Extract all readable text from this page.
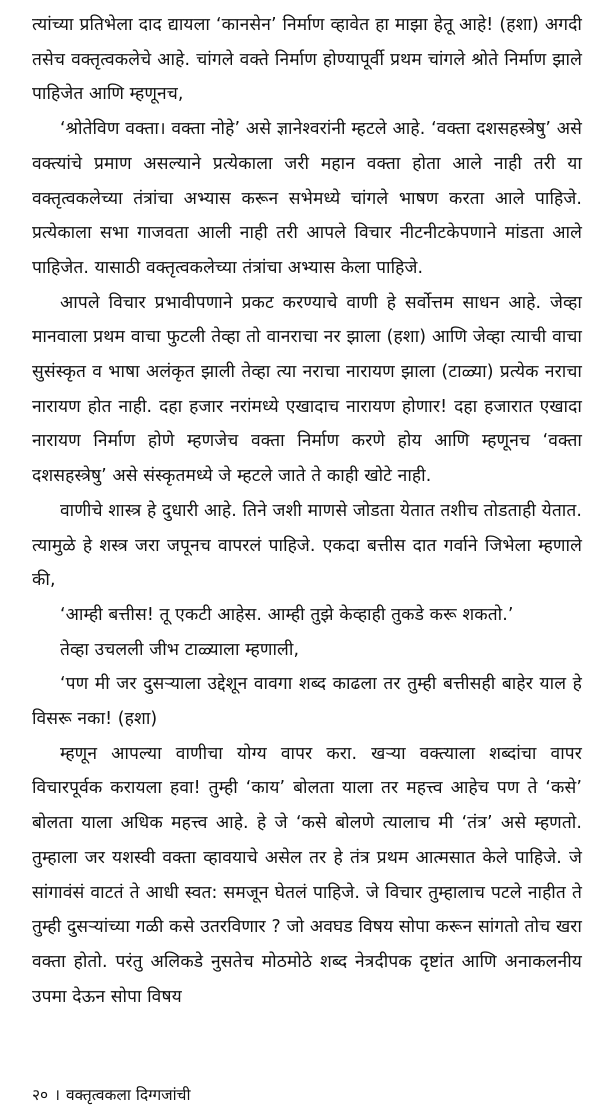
त्यांच्या प्रतिभेला दाद द्यायला ‘कानसेन’ निर्माण व्हावेत हा माझा हेतू आहे! (हशा) अगदी तसेच वक्तृत्वकलेचे आहे. चांगले वक्ते निर्माण होण्यापूर्वी प्रथम चांगले श्रोते निर्माण झाले पाहिजेत आणि म्हणूनच,

‘श्रोतेविण वक्ता। वक्ता नोहे’ असे ज्ञानेश्वरांनी म्हटले आहे. ‘वक्ता दशसहस्त्रेषु’ असे वक्त्यांचे प्रमाण असल्याने प्रत्येकाला जरी महान वक्ता होता आले नाही तरी या वक्तृत्वकलेच्या तंत्रांचा अभ्यास करून सभेमध्ये चांगले भाषण करता आले पाहिजे. प्रत्येकाला सभा गाजवता आली नाही तरी आपले विचार नीटनीटकेपणाने मांडता आले पाहिजेत. यासाठी वक्तृत्वकलेच्या तंत्रांचा अभ्यास केला पाहिजे.

आपले विचार प्रभावीपणाने प्रकट करण्याचे वाणी हे सर्वोत्तम साधन आहे. जेव्हा मानवाला प्रथम वाचा फुटली तेव्हा तो वानराचा नर झाला (हशा) आणि जेव्हा त्याची वाचा सुसंस्कृत व भाषा अलंकृत झाली तेव्हा त्या नराचा नारायण झाला (टाळ्या) प्रत्येक नराचा नारायण होत नाही. दहा हजार नरांमध्ये एखादाच नारायण होणार! दहा हजारात एखादा नारायण निर्माण होणे म्हणजेच वक्ता निर्माण करणे होय आणि म्हणूनच ‘वक्ता दशसहस्त्रेषु’ असे संस्कृतमध्ये जे म्हटले जाते ते काही खोटे नाही.

वाणीचे शास्त्र हे दुधारी आहे. तिने जशी माणसे जोडता येतात तशीच तोडताही येतात. त्यामुळे हे शस्त्र जरा जपूनच वापरलं पाहिजे. एकदा बत्तीस दात गर्वाने जिभेला म्हणाले की,

‘आम्ही बत्तीस! तू एकटी आहेस. आम्ही तुझे केव्हाही तुकडे करू शकतो.’

तेव्हा उचलली जीभ टाळ्याला म्हणाली,

‘पण मी जर दुसऱ्याला उद्देशून वावगा शब्द काढला तर तुम्ही बत्तीसही बाहेर याल हे विसरू नका! (हशा)

म्हणून आपल्या वाणीचा योग्य वापर करा. खऱ्या वक्त्याला शब्दांचा वापर विचारपूर्वक करायला हवा! तुम्ही ‘काय’ बोलता याला तर महत्त्व आहेच पण ते ‘कसे’ बोलता याला अधिक महत्त्व आहे. हे जे ‘कसे बोलणे त्यालाच मी ‘तंत्र’ असे म्हणतो. तुम्हाला जर यशस्वी वक्ता व्हावयाचे असेल तर हे तंत्र प्रथम आत्मसात केले पाहिजे. जे सांगावंसं वाटतं ते आधी स्वत: समजून घेतलं पाहिजे. जे विचार तुम्हालाच पटले नाहीत ते तुम्ही दुसऱ्यांच्या गळी कसे उतरविणार ? जो अवघड विषय सोपा करून सांगतो तोच खरा वक्ता होतो. परंतु अलिकडे नुसतेच मोठमोठे शब्द नेत्रदीपक दृष्टांत आणि अनाकलनीय उपमा देऊन सोपा विषय

२० । वक्तृत्वकला दिग्गजांची
